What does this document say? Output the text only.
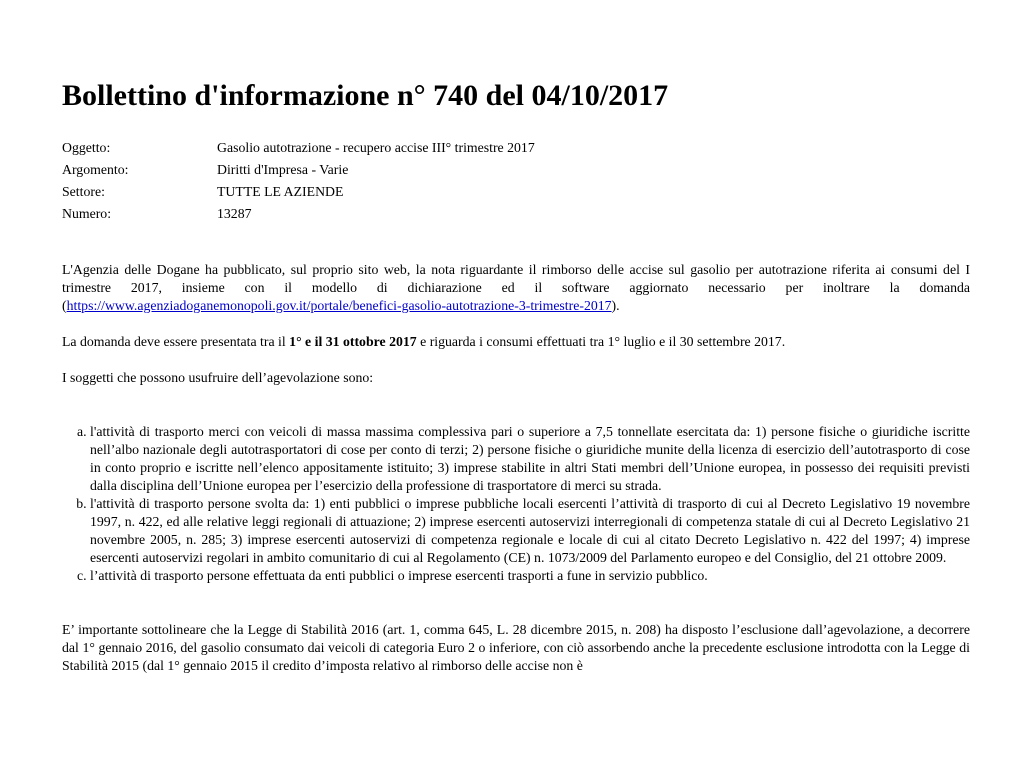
Bollettino d'informazione n° 740 del 04/10/2017
Oggetto:	Gasolio autotrazione - recupero accise III° trimestre 2017
Argomento:	Diritti d'Impresa - Varie
Settore:	TUTTE LE AZIENDE
Numero:	13287

L'Agenzia delle Dogane ha pubblicato, sul proprio sito web, la nota riguardante il rimborso delle accise sul gasolio per autotrazione riferita ai consumi del I trimestre 2017, insieme con il modello di dichiarazione ed il software aggiornato necessario per inoltrare la domanda (https://www.agenziadoganemonopoli.gov.it/portale/benefici-gasolio-autotrazione-3-trimestre-2017).

La domanda deve essere presentata tra il 1° e il 31 ottobre 2017 e riguarda i consumi effettuati tra 1° luglio e il 30 settembre 2017.

I soggetti che possono usufruire dell’agevolazione sono:

a. l'attività di trasporto merci con veicoli di massa massima complessiva pari o superiore a 7,5 tonnellate esercitata da: 1) persone fisiche o giuridiche iscritte nell’albo nazionale degli autotrasportatori di cose per conto di terzi; 2) persone fisiche o giuridiche munite della licenza di esercizio dell’autotrasporto di cose in conto proprio e iscritte nell’elenco appositamente istituito; 3) imprese stabilite in altri Stati membri dell’Unione europea, in possesso dei requisiti previsti dalla disciplina dell’Unione europea per l’esercizio della professione di trasportatore di merci su strada.
b. l'attività di trasporto persone svolta da: 1) enti pubblici o imprese pubbliche locali esercenti l’attività di trasporto di cui al Decreto Legislativo 19 novembre 1997, n. 422, ed alle relative leggi regionali di attuazione; 2) imprese esercenti autoservizi interregionali di competenza statale di cui al Decreto Legislativo 21 novembre 2005, n. 285; 3) imprese esercenti autoservizi di competenza regionale e locale di cui al citato Decreto Legislativo n. 422 del 1997; 4) imprese esercenti autoservizi regolari in ambito comunitario di cui al Regolamento (CE) n. 1073/2009 del Parlamento europeo e del Consiglio, del 21 ottobre 2009.
c. l’attività di trasporto persone effettuata da enti pubblici o imprese esercenti trasporti a fune in servizio pubblico.

E’ importante sottolineare che la Legge di Stabilità 2016 (art. 1, comma 645, L. 28 dicembre 2015, n. 208) ha disposto l’esclusione dall’agevolazione, a decorrere dal 1° gennaio 2016, del gasolio consumato dai veicoli di categoria Euro 2 o inferiore, con ciò assorbendo anche la precedente esclusione introdotta con la Legge di Stabilità 2015 (dal 1° gennaio 2015 il credito d’imposta relativo al rimborso delle accise non è
